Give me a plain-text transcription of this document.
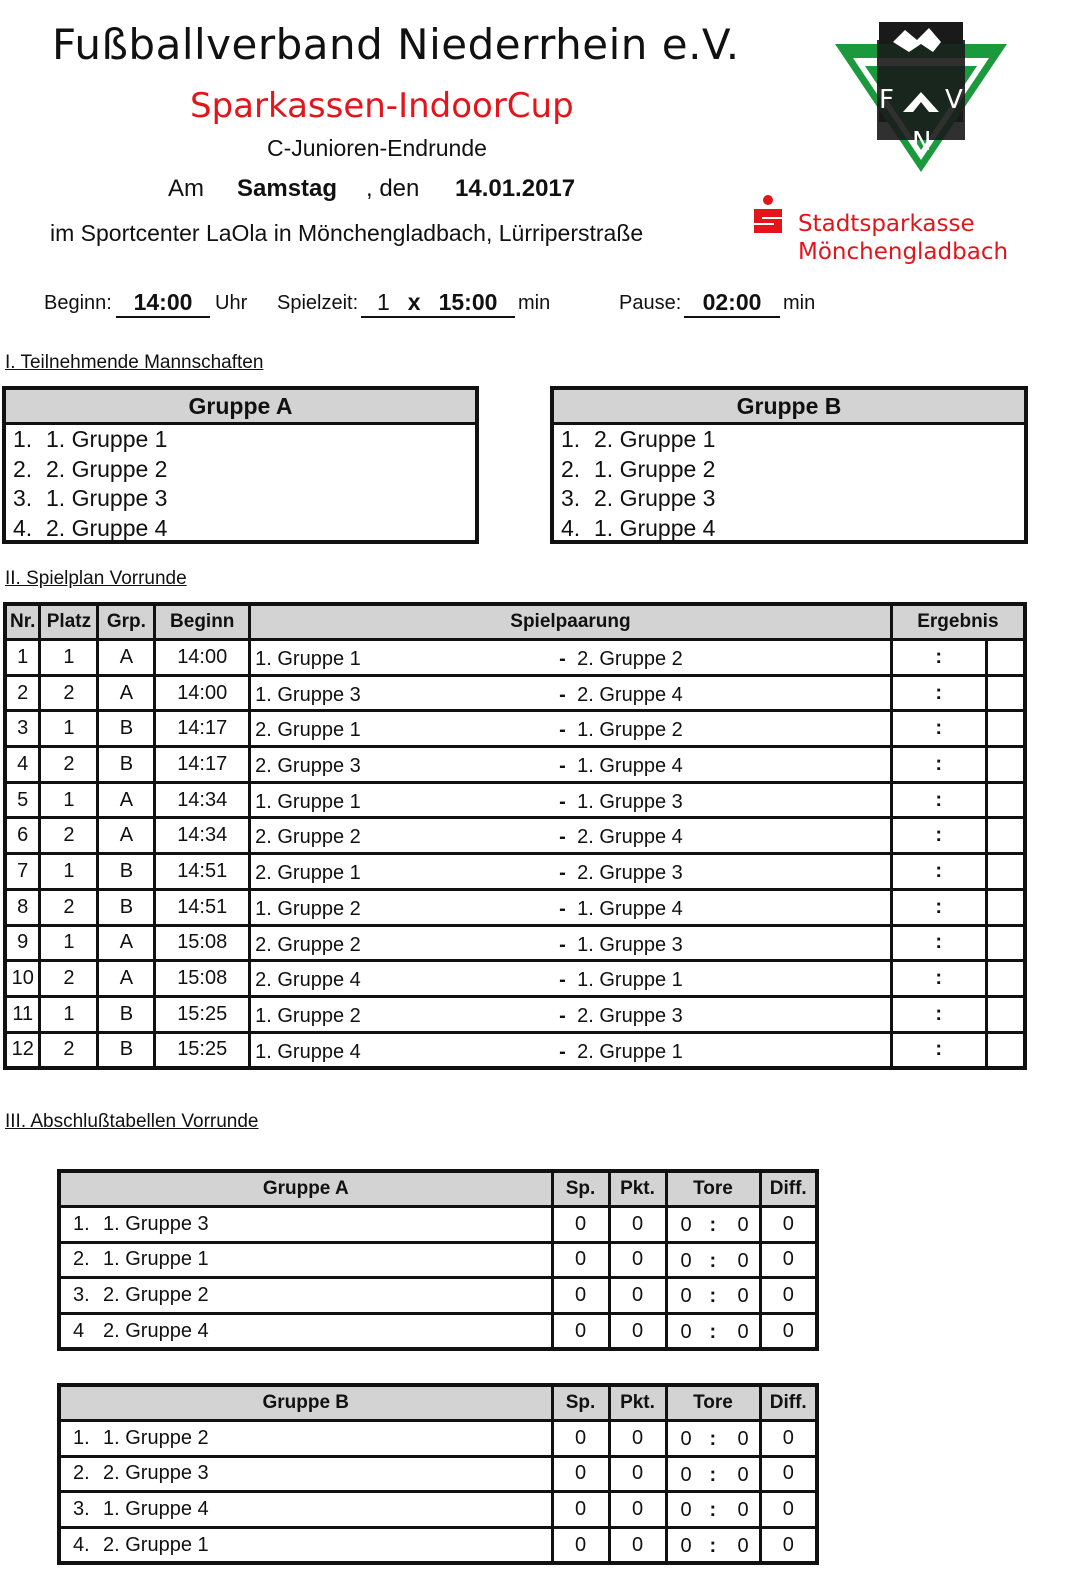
Fußballverband Niederrhein e.V.
Sparkassen-IndoorCup
C-Junioren-Endrunde
Am Samstag , den 14.01.2017
im Sportcenter LaOla in Mönchengladbach, Lürriperstraße
F V
N
Stadtsparkasse
Mönchengladbach
Beginn: 14:00	Uhr Spielzeit: 1 x 15:00	min	Pause: 02:00	min
I. Teilnehmende Mannschaften
Gruppe A
1. 1. Gruppe 1
2. 2. Gruppe 2
3. 1. Gruppe 3
4. 2. Gruppe 4
Gruppe B
1. 2. Gruppe 1
2. 1. Gruppe 2
3. 2. Gruppe 3
4. 1. Gruppe 4
II. Spielplan Vorrunde
Nr.	Platz	Grp.	Beginn	Spielpaarung	Ergebnis	
1	1	A	14:00	1. Gruppe 1 - 2. Gruppe 2	:	
2	2	A	14:00	1. Gruppe 3 - 2. Gruppe 4	:	
3	1	B	14:17	2. Gruppe 1 - 1. Gruppe 2	:	
4	2	B	14:17	2. Gruppe 3 - 1. Gruppe 4	:	
5	1	A	14:34	1. Gruppe 1 - 1. Gruppe 3	:	
6	2	A	14:34	2. Gruppe 2 - 2. Gruppe 4	:	
7	1	B	14:51	2. Gruppe 1 - 2. Gruppe 3	:	
8	2	B	14:51	1. Gruppe 2 - 1. Gruppe 4	:	
9	1	A	15:08	2. Gruppe 2 - 1. Gruppe 3	:	
10	2	A	15:08	2. Gruppe 4 - 1. Gruppe 1	:	
11	1	B	15:25	1. Gruppe 2 - 2. Gruppe 3	:	
12	2	B	15:25	1. Gruppe 4 - 2. Gruppe 1	:	
III. Abschlußtabellen Vorrunde
Gruppe A	Sp.	Pkt.	Tore	Diff.
1. 1. Gruppe 3	0	0	0 : 0	0
2. 1. Gruppe 1	0	0	0 : 0	0
3. 2. Gruppe 2	0	0	0 : 0	0
4 2. Gruppe 4	0	0	0 : 0	0
Gruppe B	Sp.	Pkt.	Tore	Diff.
1. 1. Gruppe 2	0	0	0 : 0	0
2. 2. Gruppe 3	0	0	0 : 0	0
3. 1. Gruppe 4	0	0	0 : 0	0
4. 2. Gruppe 1	0	0	0 : 0	0
